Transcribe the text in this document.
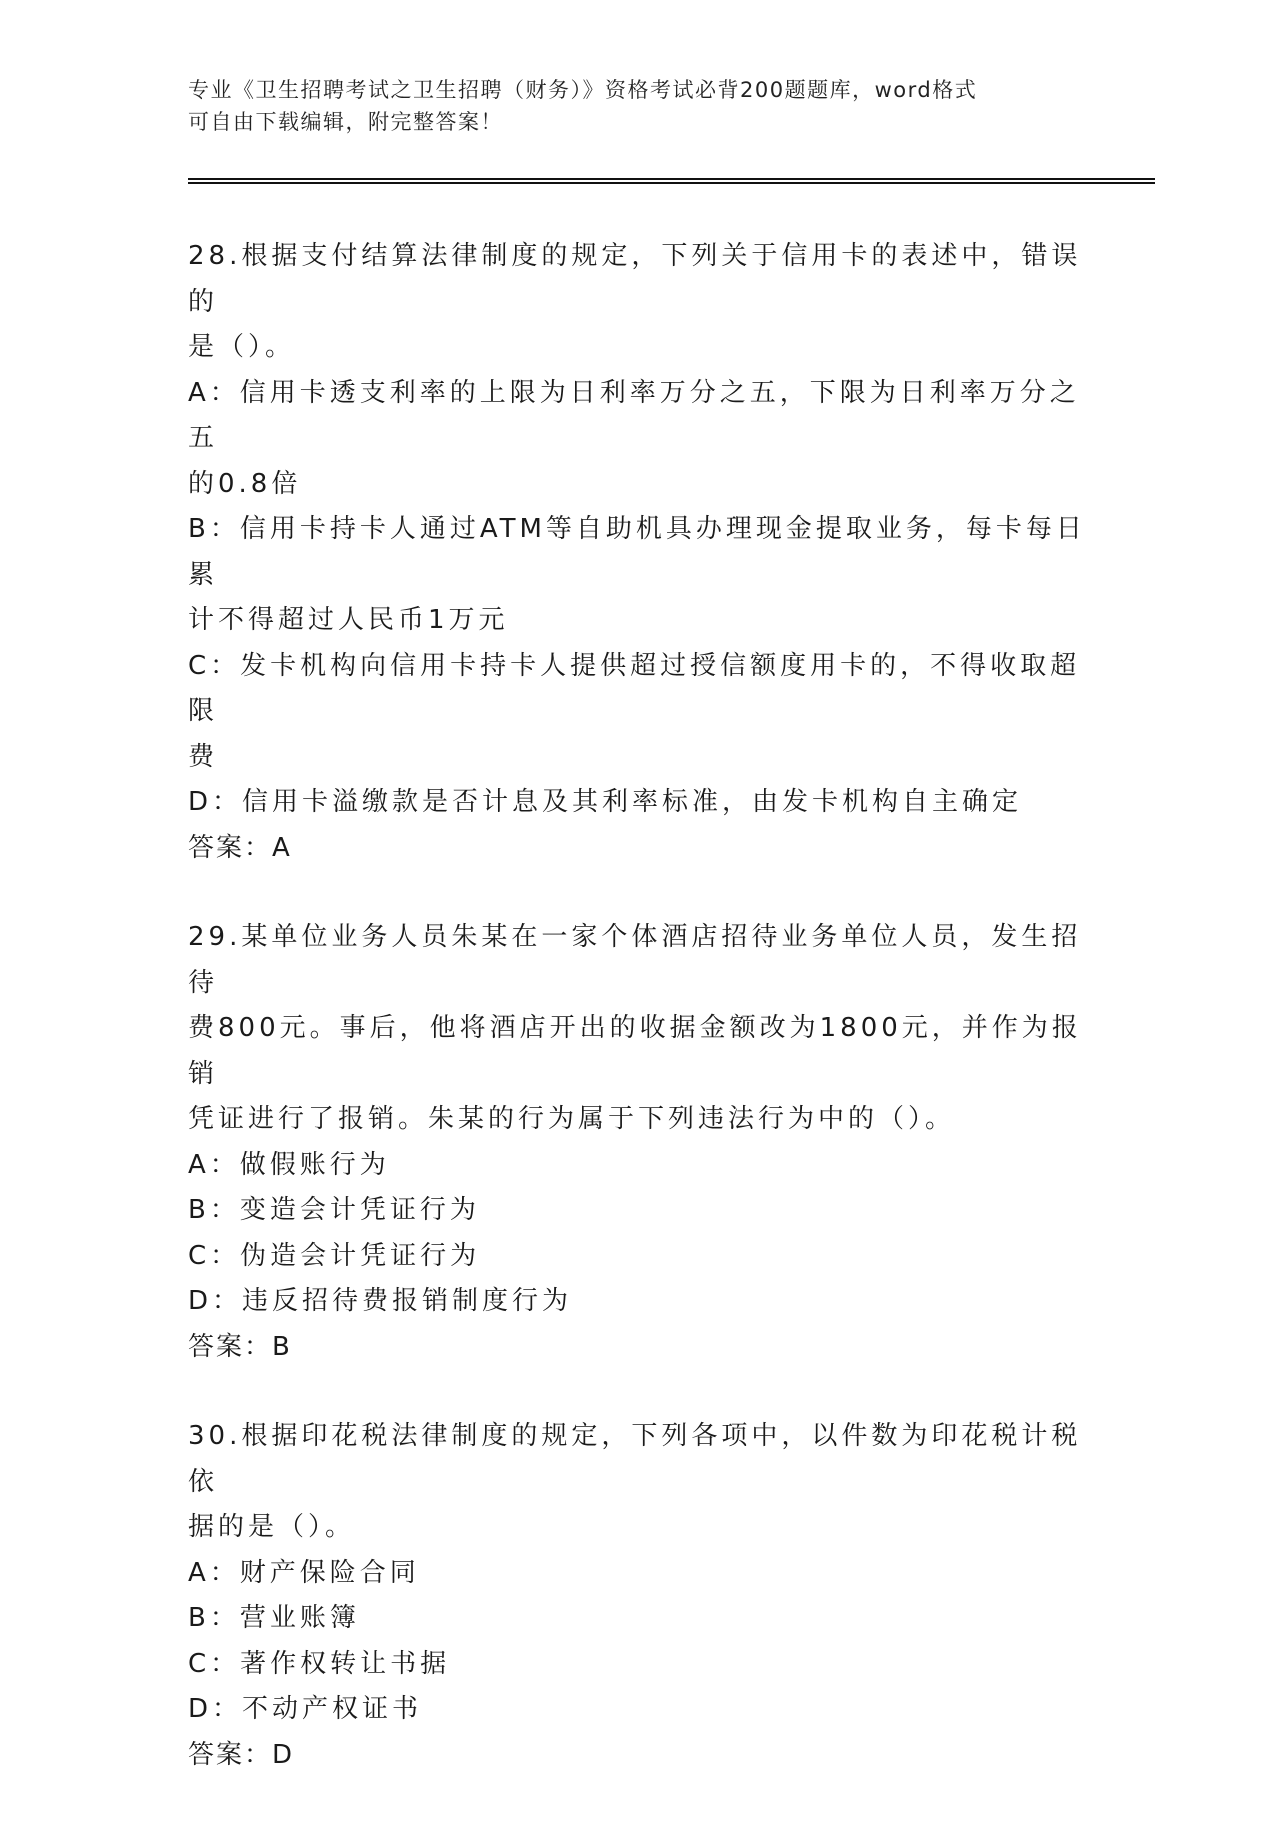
专业《卫生招聘考试之卫生招聘（财务）》资格考试必背200题题库，word格式
可自由下载编辑，附完整答案！
28.根据支付结算法律制度的规定，下列关于信用卡的表述中，错误的
是（）。
A：信用卡透支利率的上限为日利率万分之五，下限为日利率万分之五
的0.8倍
B：信用卡持卡人通过ATM等自助机具办理现金提取业务，每卡每日累
计不得超过人民币1万元
C：发卡机构向信用卡持卡人提供超过授信额度用卡的，不得收取超限
费
D：信用卡溢缴款是否计息及其利率标准，由发卡机构自主确定
答案：A
29.某单位业务人员朱某在一家个体酒店招待业务单位人员，发生招待
费800元。事后，他将酒店开出的收据金额改为1800元，并作为报销
凭证进行了报销。朱某的行为属于下列违法行为中的（）。
A：做假账行为
B：变造会计凭证行为
C：伪造会计凭证行为
D：违反招待费报销制度行为
答案：B
30.根据印花税法律制度的规定，下列各项中，以件数为印花税计税依
据的是（）。
A：财产保险合同
B：营业账簿
C：著作权转让书据
D：不动产权证书
答案：D
